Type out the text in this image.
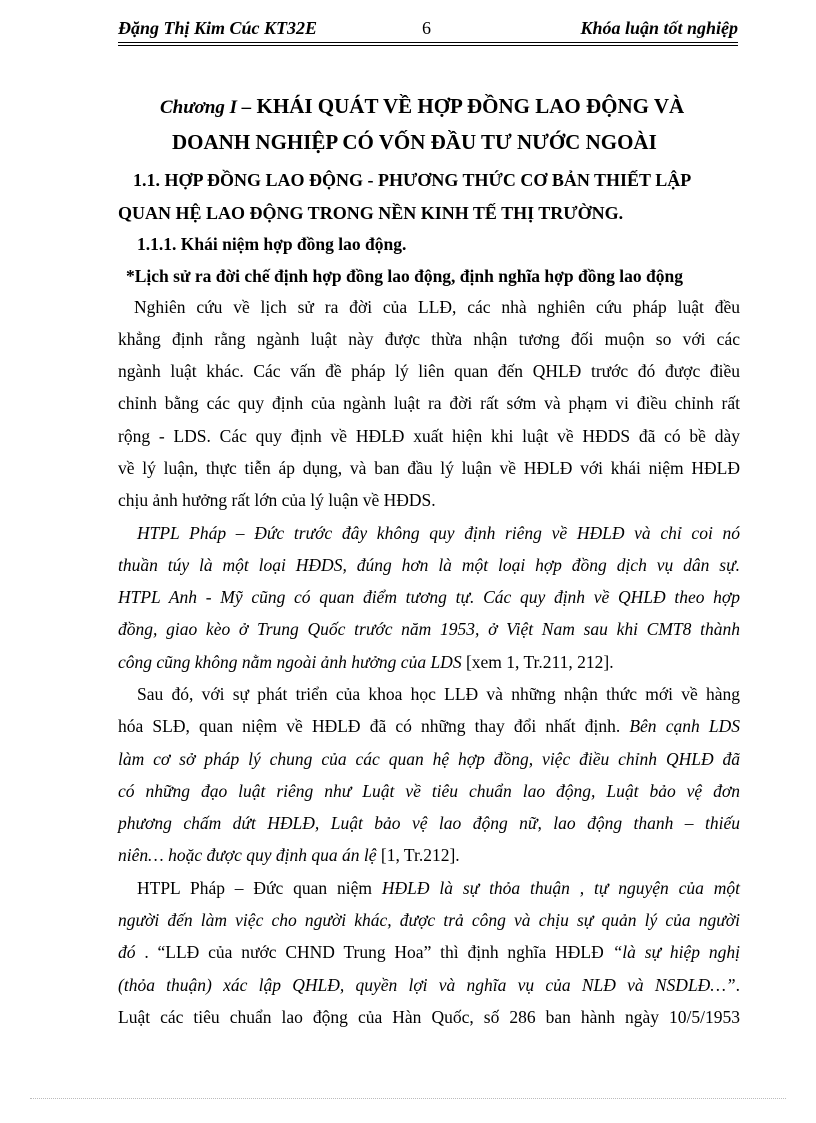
Đặng Thị Kim Cúc KT32E	6	Khóa luận tốt nghiệp
Chương I – KHÁI QUÁT VỀ HỢP ĐỒNG LAO ĐỘNG VÀ
DOANH NGHIỆP CÓ VỐN ĐẦU TƯ NƯỚC NGOÀI
1.1. HỢP ĐỒNG LAO ĐỘNG - PHƯƠNG THỨC CƠ BẢN THIẾT LẬP
QUAN HỆ LAO ĐỘNG TRONG NỀN KINH TẾ THỊ TRƯỜNG.
1.1.1. Khái niệm hợp đồng lao động.
*Lịch sử ra đời chế định hợp đồng lao động, định nghĩa hợp đồng lao động
Nghiên cứu về lịch sử ra đời của LLĐ, các nhà nghiên cứu pháp luật đều
khẳng định rằng ngành luật này được thừa nhận tương đối muộn so với các
ngành luật khác. Các vấn đề pháp lý liên quan đến QHLĐ trước đó được điều
chỉnh bằng các quy định của ngành luật ra đời rất sớm và phạm vi điều chỉnh rất
rộng - LDS. Các quy định về HĐLĐ xuất hiện khi luật về HĐDS đã có bề dày
về lý luận, thực tiễn áp dụng, và ban đầu lý luận về HĐLĐ với khái niệm HĐLĐ
chịu ảnh hưởng rất lớn của lý luận về HĐDS.
HTPL Pháp – Đức trước đây không quy định riêng về HĐLĐ và chỉ coi nó
thuần túy là một loại HĐDS, đúng hơn là một loại hợp đồng dịch vụ dân sự.
HTPL Anh - Mỹ cũng có quan điểm tương tự. Các quy định về QHLĐ theo hợp
đồng, giao kèo ở Trung Quốc trước năm 1953, ở Việt Nam sau khi CMT8 thành
công cũng không nằm ngoài ảnh hưởng của LDS [xem 1, Tr.211, 212].
Sau đó, với sự phát triển của khoa học LLĐ và những nhận thức mới về hàng
hóa SLĐ, quan niệm về HĐLĐ đã có những thay đổi nhất định. Bên cạnh LDS
làm cơ sở pháp lý chung của các quan hệ hợp đồng, việc điều chỉnh QHLĐ đã
có những đạo luật riêng như Luật về tiêu chuẩn lao động, Luật bảo vệ đơn
phương chấm dứt HĐLĐ, Luật bảo vệ lao động nữ, lao động thanh – thiếu
niên… hoặc được quy định qua án lệ [1, Tr.212].
HTPL Pháp – Đức quan niệm HĐLĐ là sự thỏa thuận , tự nguyện của một
người đến làm việc cho người khác, được trả công và chịu sự quản lý của người
đó . “LLĐ của nước CHND Trung Hoa” thì định nghĩa HĐLĐ “là sự hiệp nghị
(thỏa thuận) xác lập QHLĐ, quyền lợi và nghĩa vụ của NLĐ và NSDLĐ…”.
Luật các tiêu chuẩn lao động của Hàn Quốc, số 286 ban hành ngày 10/5/1953
